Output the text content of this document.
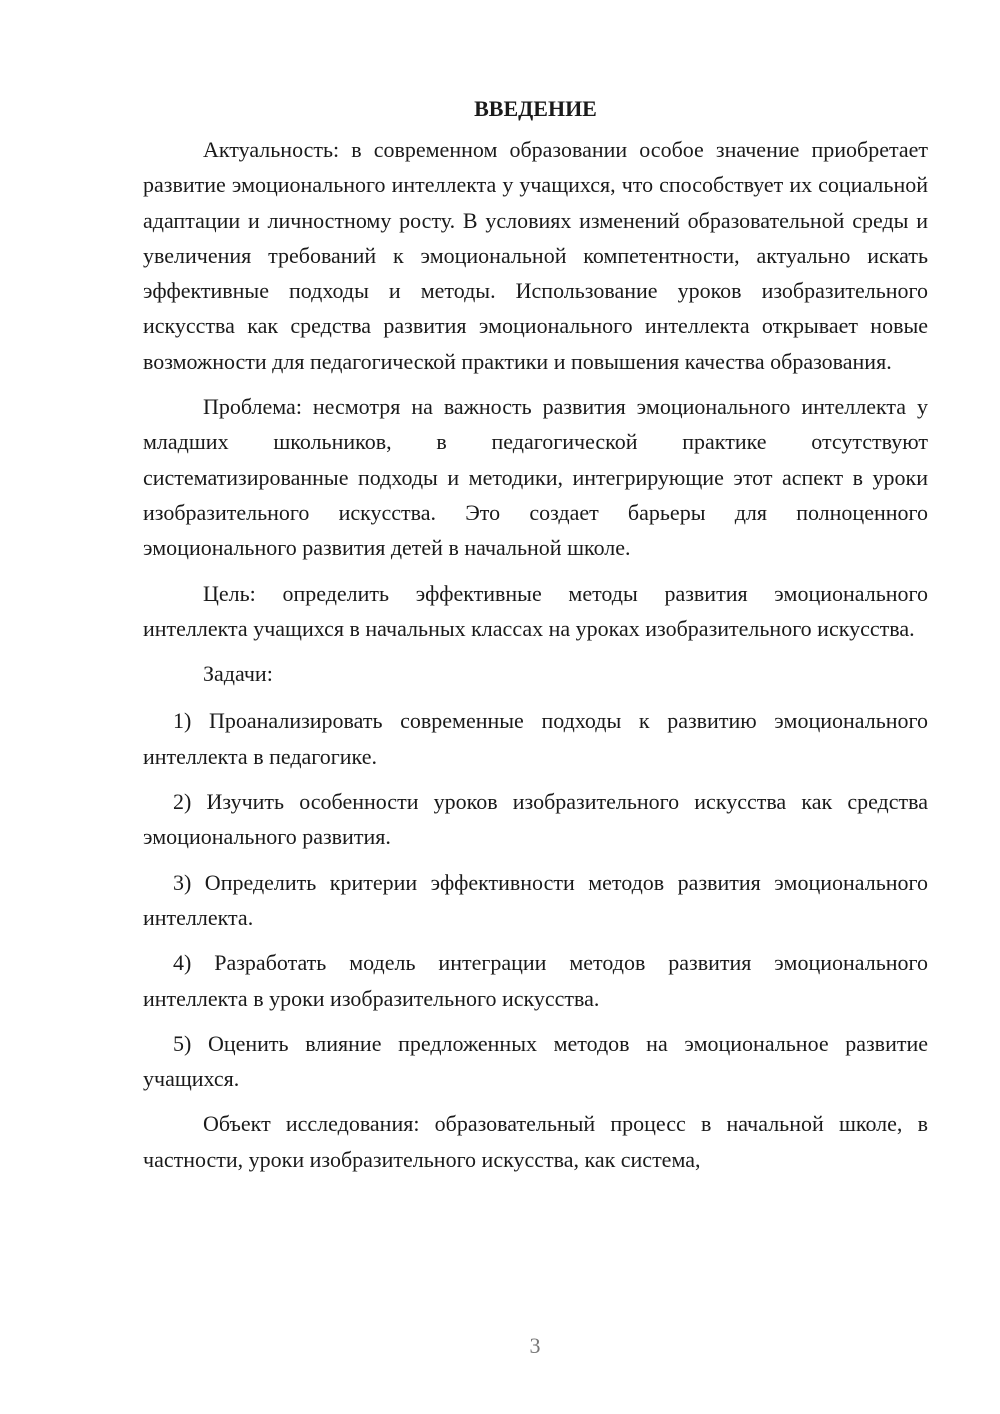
ВВЕДЕНИЕ

Актуальность: в современном образовании особое значение приобретает развитие эмоционального интеллекта у учащихся, что способствует их социальной адаптации и личностному росту. В условиях изменений образовательной среды и увеличения требований к эмоциональной компетентности, актуально искать эффективные подходы и методы. Использование уроков изобразительного искусства как средства развития эмоционального интеллекта открывает новые возможности для педагогической практики и повышения качества образования.

Проблема: несмотря на важность развития эмоционального интеллекта у младших школьников, в педагогической практике отсутствуют систематизированные подходы и методики, интегрирующие этот аспект в уроки изобразительного искусства. Это создает барьеры для полноценного эмоционального развития детей в начальной школе.

Цель: определить эффективные методы развития эмоционального интеллекта учащихся в начальных классах на уроках изобразительного искусства.

Задачи:

1) Проанализировать современные подходы к развитию эмоционального интеллекта в педагогике.

2) Изучить особенности уроков изобразительного искусства как средства эмоционального развития.

3) Определить критерии эффективности методов развития эмоционального интеллекта.

4) Разработать модель интеграции методов развития эмоционального интеллекта в уроки изобразительного искусства.

5) Оценить влияние предложенных методов на эмоциональное развитие учащихся.

Объект исследования: образовательный процесс в начальной школе, в частности, уроки изобразительного искусства, как система,

3
